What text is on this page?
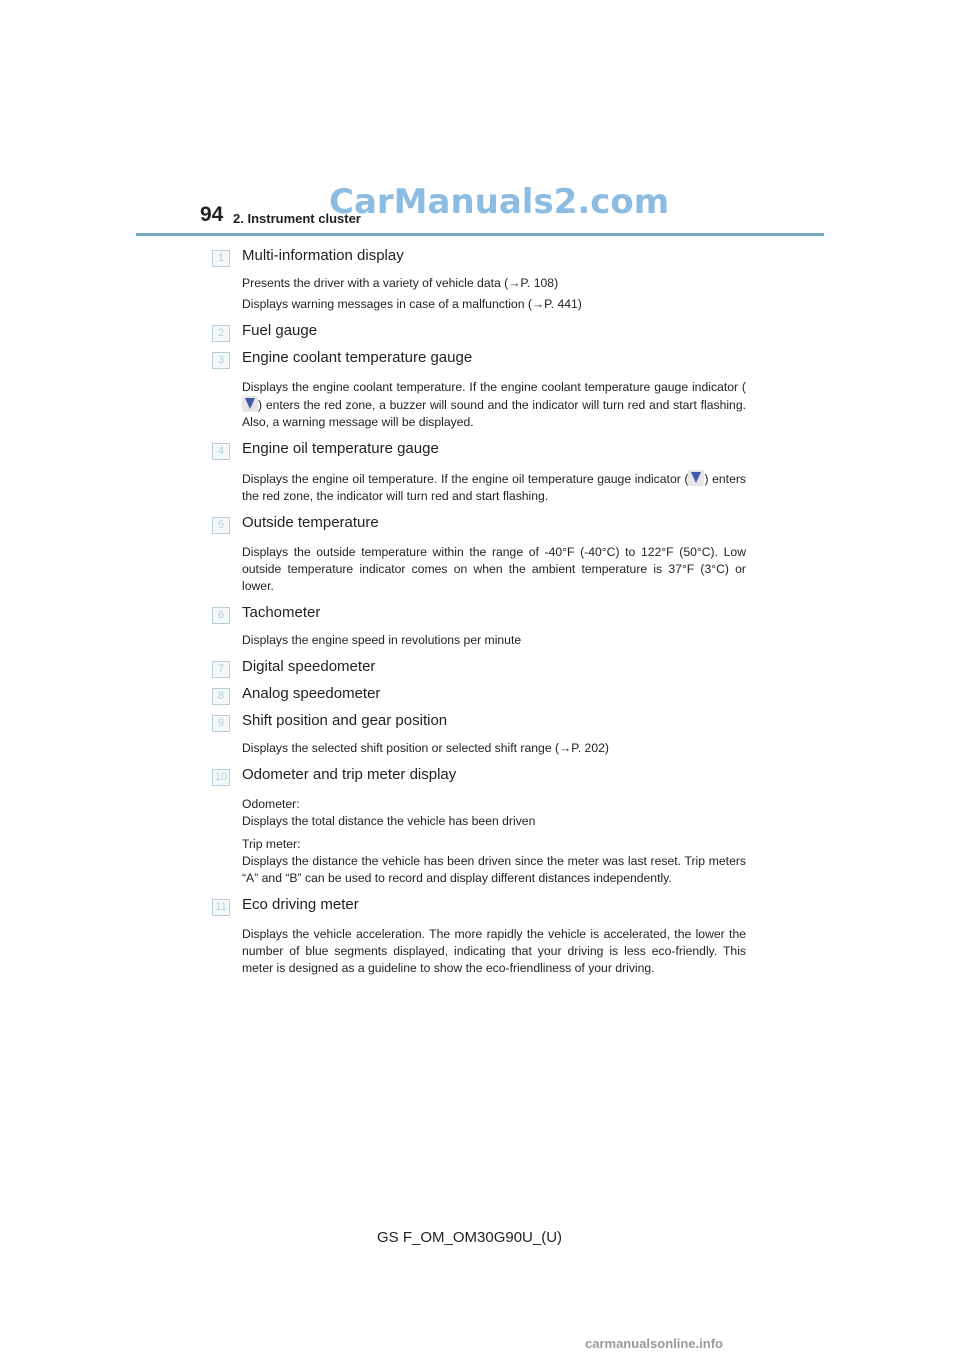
CarManuals2.com
94 2. Instrument cluster
1	Multi-information display

Presents the driver with a variety of vehicle data (→P. 108)

Displays warning messages in case of a malfunction (→P. 441)

2	Fuel gauge
3	Engine coolant temperature gauge

Displays the engine coolant temperature. If the engine coolant temperature gauge indicator () enters the red zone, a buzzer will sound and the indicator will turn red and start flashing. Also, a warning message will be displayed.

4	Engine oil temperature gauge

Displays the engine oil temperature. If the engine oil temperature gauge indicator ( ) enters the red zone, the indicator will turn red and start flashing.

5	Outside temperature

Displays the outside temperature within the range of -40°F (-40°C) to 122°F (50°C). Low outside temperature indicator comes on when the ambient temperature is 37°F (3°C) or lower.

6	Tachometer

Displays the engine speed in revolutions per minute

7	Digital speedometer
8	Analog speedometer
9	Shift position and gear position

Displays the selected shift position or selected shift range (→P. 202)

10 Odometer and trip meter display

Odometer:

Displays the total distance the vehicle has been driven

Trip meter:

Displays the distance the vehicle has been driven since the meter was last reset. Trip meters “A” and “B” can be used to record and display different distances independently.

11 Eco driving meter

Displays the vehicle acceleration. The more rapidly the vehicle is accelerated, the lower the number of blue segments displayed, indicating that your driving is less eco-friendly. This meter is designed as a guideline to show the eco-friendliness of your driving.

GS F_OM_OM30G90U_(U)
carmanualsonline.info
